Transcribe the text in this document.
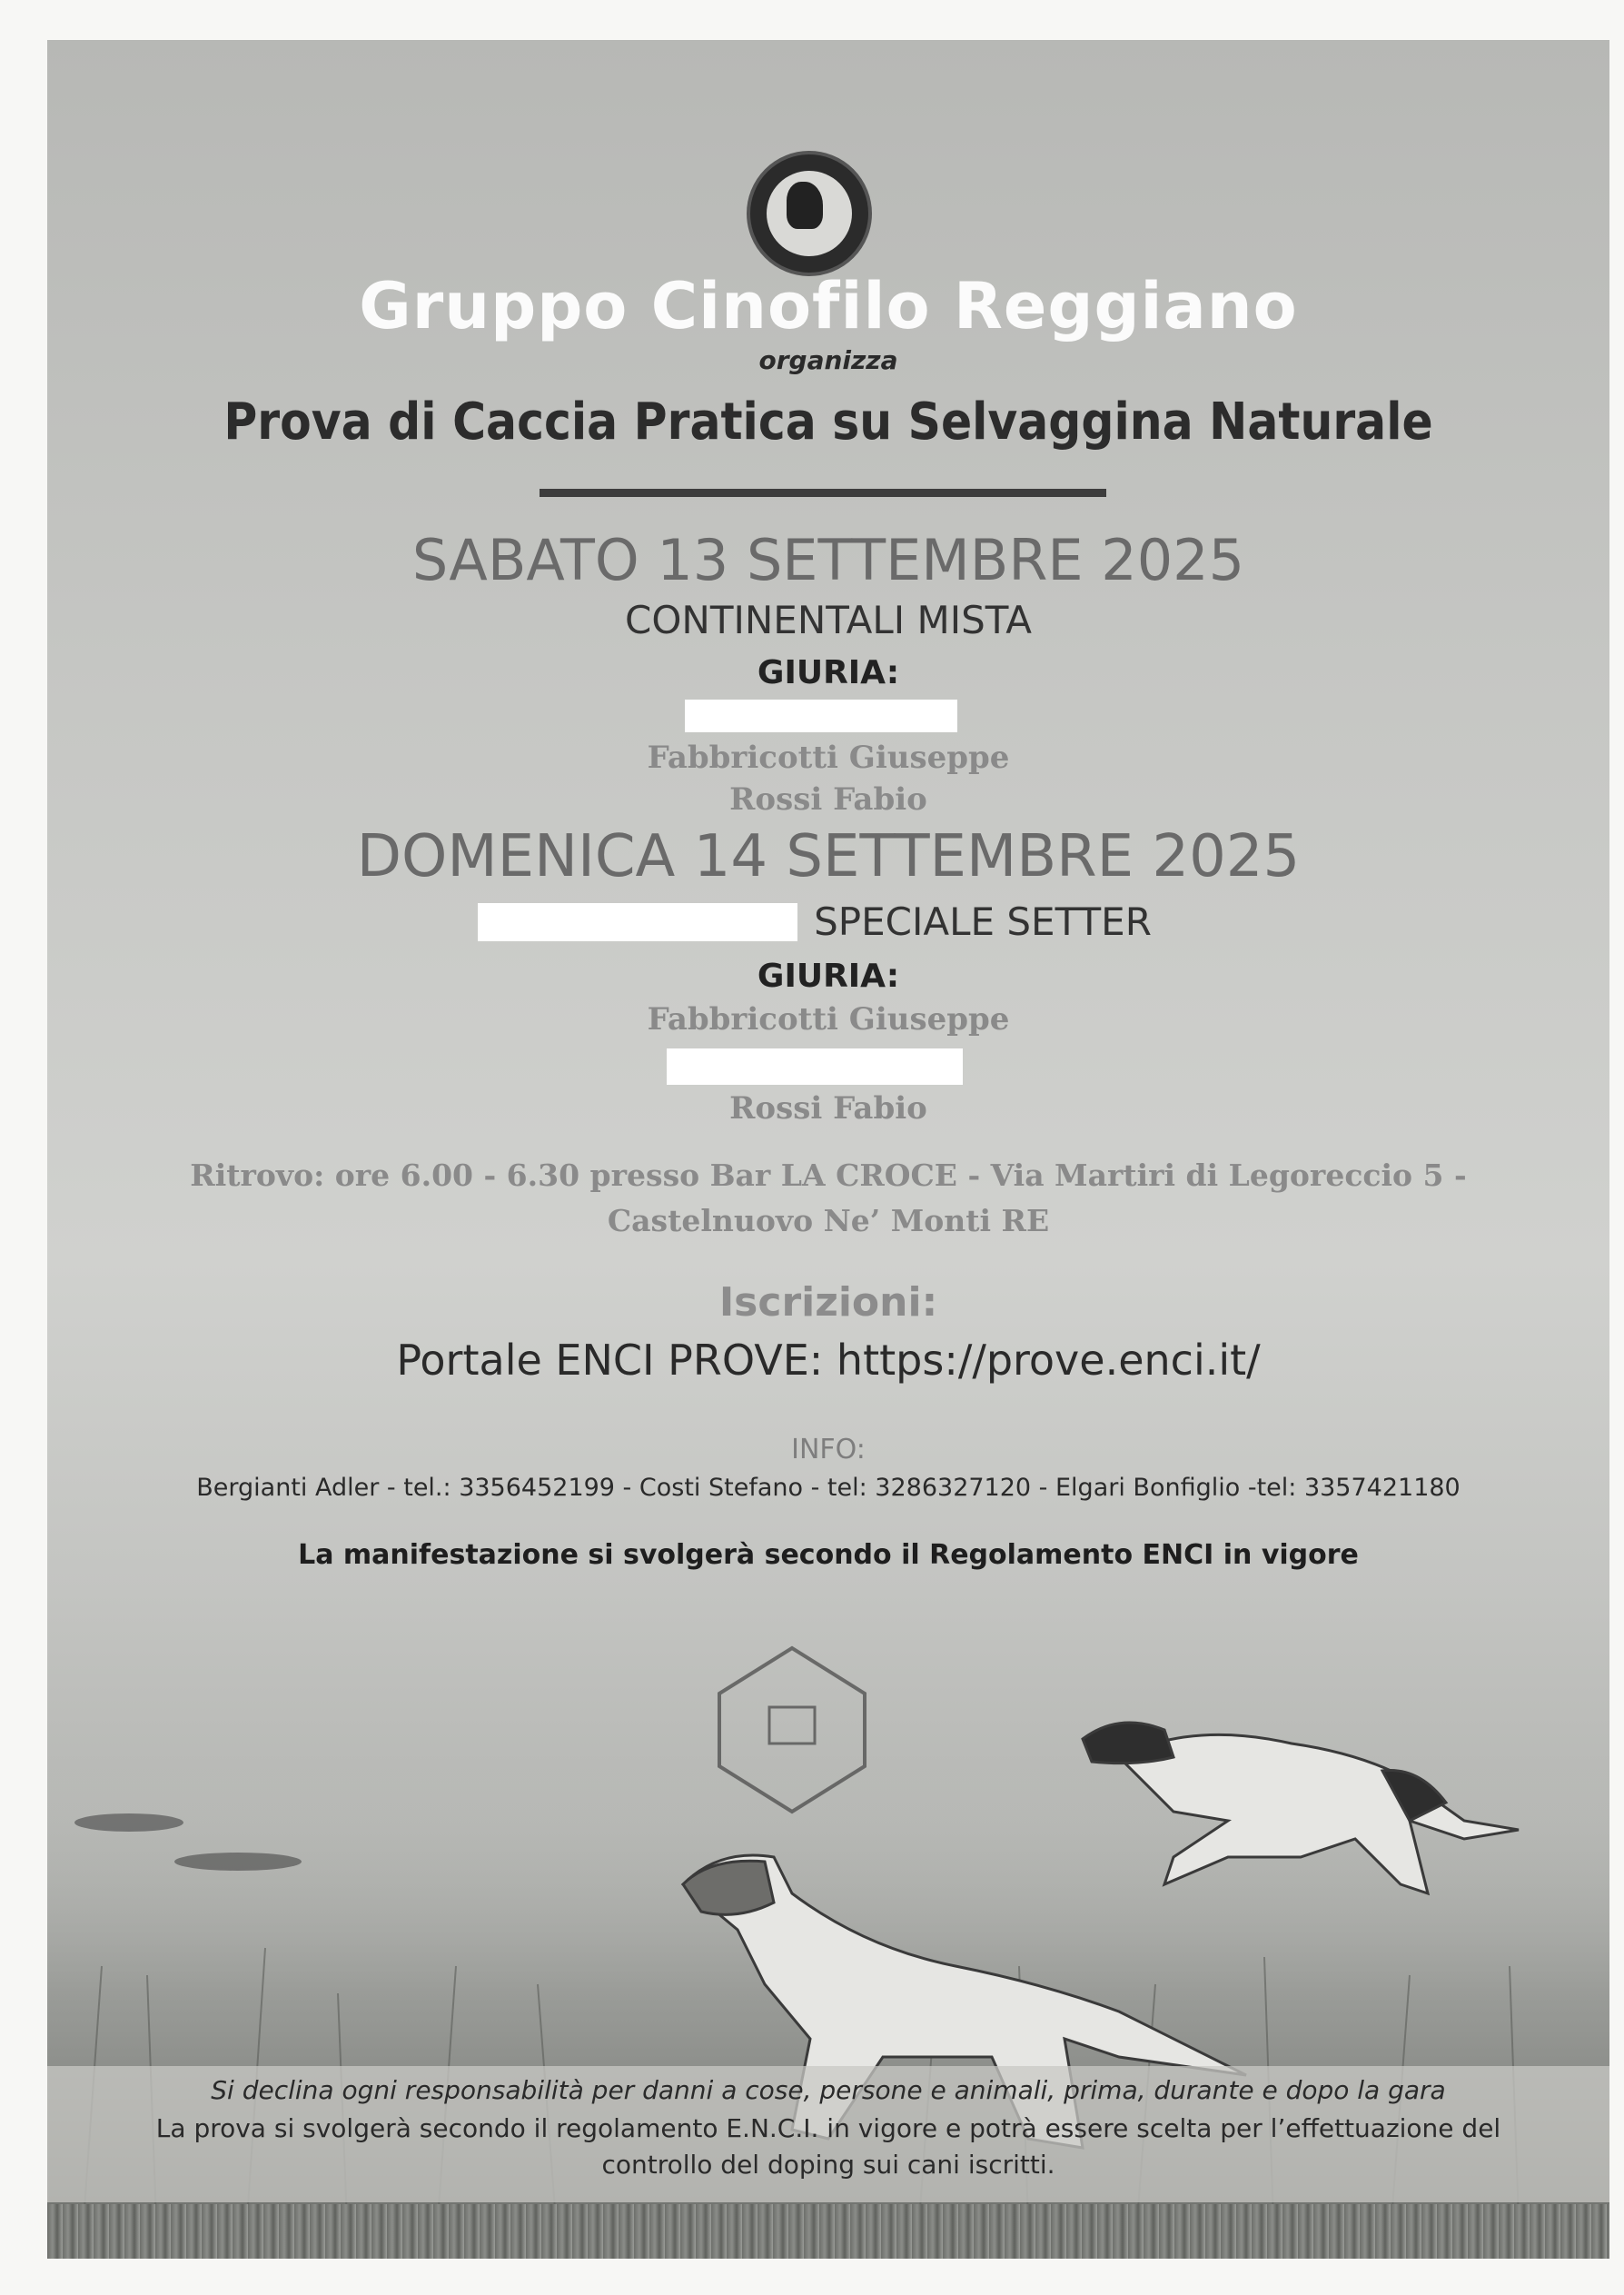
Gruppo Cinofilo Reggiano
organizza
Prova di Caccia Pratica su Selvaggina Naturale
SABATO 13 SETTEMBRE 2025
CONTINENTALI MISTA
GIURIA:
Fabbricotti Giuseppe
Rossi Fabio
DOMENICA 14 SETTEMBRE 2025
SPECIALE SETTER
GIURIA:
Fabbricotti Giuseppe
Rossi Fabio
Ritrovo: ore 6.00 - 6.30 presso Bar LA CROCE - Via Martiri di Legoreccio 5 -
Castelnuovo Ne’ Monti RE
Iscrizioni:
Portale ENCI PROVE: https://prove.enci.it/
INFO:
Bergianti Adler - tel.: 3356452199 - Costi Stefano - tel: 3286327120 - Elgari Bonfiglio -tel: 3357421180
La manifestazione si svolgerà secondo il Regolamento ENCI in vigore
Si declina ogni responsabilità per danni a cose, persone e animali, prima, durante e dopo la gara
La prova si svolgerà secondo il regolamento E.N.C.I. in vigore e potrà essere scelta per l’effettuazione del
controllo del doping sui cani iscritti.
